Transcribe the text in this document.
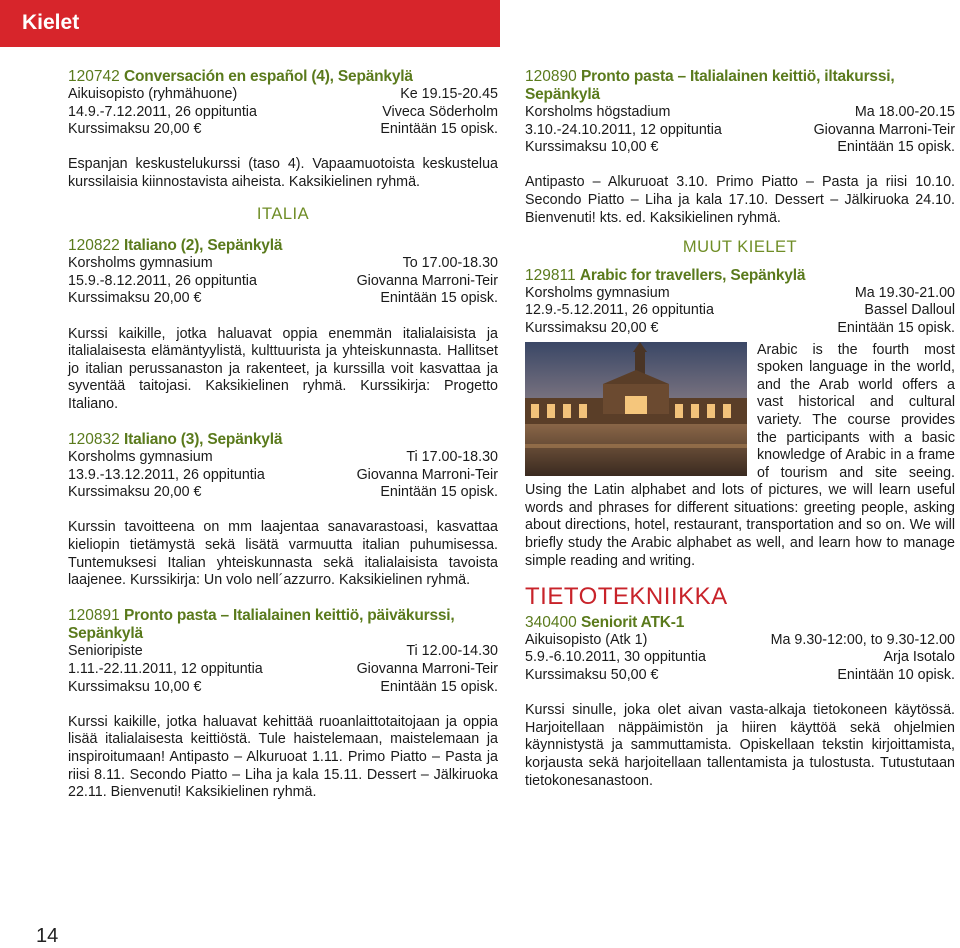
Kielet
120742 Conversación en español (4), Sepänkylä
Aikuisopisto (ryhmähuone)	Ke 19.15-20.45
14.9.-7.12.2011, 26 oppituntia	Viveca Söderholm
Kurssimaksu 20,00 €	Enintään 15 opisk.
Espanjan keskustelukurssi (taso 4). Vapaamuotoista keskustelua kurssilaisia kiinnostavista aiheista. Kaksikielinen ryhmä.
ITALIA
120822 Italiano (2), Sepänkylä
Korsholms gymnasium	To 17.00-18.30
15.9.-8.12.2011, 26 oppituntia	Giovanna Marroni-Teir
Kurssimaksu 20,00 €	Enintään 15 opisk.
Kurssi kaikille, jotka haluavat oppia enemmän italialaisista ja italialaisesta elämäntyylistä, kulttuurista ja yhteiskunnasta. Hallitset jo italian perussanaston ja rakenteet, ja kurssilla voit kasvattaa ja syventää taitojasi. Kaksikielinen ryhmä. Kurssikirja: Progetto Italiano.
120832 Italiano (3), Sepänkylä
Korsholms gymnasium	Ti 17.00-18.30
13.9.-13.12.2011, 26 oppituntia	Giovanna Marroni-Teir
Kurssimaksu 20,00 €	Enintään 15 opisk.
Kurssin tavoitteena on mm laajentaa sanavarastoasi, kasvattaa kieliopin tietämystä sekä lisätä varmuutta italian puhumisessa. Tuntemuksesi Italian yhteiskunnasta sekä italialaisista tavoista laajenee. Kurssikirja: Un volo nell´azzurro. Kaksikielinen ryhmä.
120891 Pronto pasta – Italialainen keittiö, päiväkurssi,
Sepänkylä
Senioripiste	Ti 12.00-14.30
1.11.-22.11.2011, 12 oppituntia	Giovanna Marroni-Teir
Kurssimaksu 10,00 €	Enintään 15 opisk.
Kurssi kaikille, jotka haluavat kehittää ruoanlaittotaitojaan ja oppia lisää italialaisesta keittiöstä. Tule haistelemaan, maistelemaan ja inspiroitumaan! Antipasto – Alkuruoat 1.11. Primo Piatto – Pasta ja riisi 8.11. Secondo Piatto – Liha ja kala 15.11. Dessert – Jälkiruoka 22.11. Bienvenuti! Kaksikielinen ryhmä.
120890 Pronto pasta – Italialainen keittiö, iltakurssi,
Sepänkylä
Korsholms högstadium	Ma 18.00-20.15
3.10.-24.10.2011, 12 oppituntia	Giovanna Marroni-Teir
Kurssimaksu 10,00 €	Enintään 15 opisk.
Antipasto – Alkuruoat 3.10. Primo Piatto – Pasta ja riisi 10.10. Secondo Piatto – Liha ja kala 17.10. Dessert – Jälkiruoka 24.10. Bienvenuti! kts. ed. Kaksikielinen ryhmä.
MUUT KIELET
129811 Arabic for travellers, Sepänkylä
Korsholms gymnasium	Ma 19.30-21.00
12.9.-5.12.2011, 26 oppituntia	Bassel Dalloul
Kurssimaksu 20,00 €	Enintään 15 opisk.
Arabic is the fourth most spoken language in the world, and the Arab world offers a vast historical and cultural variety. The course provides the participants with a basic knowledge of Arabic in a frame of tourism and site seeing. Using the Latin alphabet and lots of pictures, we will learn useful words and phrases for different situations: greeting people, asking about directions, hotel, restaurant, transportation and so on. We will briefly study the Arabic alphabet as well, and learn how to manage simple reading and writing.
TIETOTEKNIIKKA
340400 Seniorit ATK-1
Aikuisopisto (Atk 1)	Ma 9.30-12:00, to 9.30-12.00
5.9.-6.10.2011, 30 oppituntia	Arja Isotalo
Kurssimaksu 50,00 €	Enintään 10 opisk.
Kurssi sinulle, joka olet aivan vasta-alkaja tietokoneen käytössä. Harjoitellaan näppäimistön ja hiiren käyttöä sekä ohjelmien käynnistystä ja sammuttamista. Opiskellaan tekstin kirjoittamista, korjausta sekä harjoitellaan tallentamista ja tulostusta. Tutustutaan tietokonesanastoon.
14
